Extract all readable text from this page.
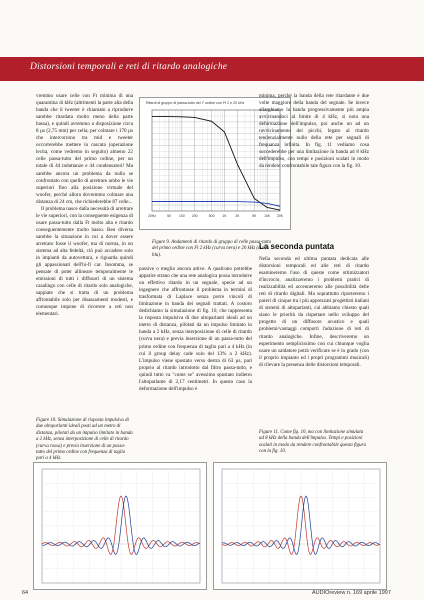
Distorsioni temporali e reti di ritardo analogiche

vremmo usare celle con Ft minima di una quarantina di kHz (altrimenti la parte alta della banda che il tweeter è chiamato a riprodurre sarebbe ritardata molto meno della parte bassa), e quindi avremmo a disposizione circa 8 µs (2,75 mm) per cella; per colmare i 170 µs che intercorrono tra mid e tweeter occorrerebbe mettere in cascata (operazione lecita, come vedremo in seguito) almeno 22 celle passa-tutto del primo ordine, per un totale di 44 induttanze e 44 condensatori! Ma sarebbe ancora un problema da nulla se confrontato con quello di arretrare ambo le vie superiori fino alla posizione virtuale del woofer, perché allora dovremmo colmare una distanza di 24 cm, che richiederebbe 87 celle...

Il problema nasce dalla necessità di arretrare le vie superiori, con la conseguente esigenza di usare passa-tutto dalla Ft molto alta e ritardo conseguentemente molto basso. Ben diversa sarebbe la situazione in cui a dover essere arretrato fosse il woofer, ma di norma, in un sistema ad alta fedeltà, ciò può accadere solo in impianti da autovettura, e riguarda quindi gli appassionati dell'hi-fi car. Insomma, se pensate di poter allineare temporalmente le emissioni di tutti i diffusori di un sistema casalingo con celle di ritardo solo analogiche, sappiate che si tratta di un problema affrontabile solo per disassamenti modesti, e comunque impone di ricorrere a reti non elementari.

Figure 10. Simulazione di risposta impulsiva di due altoparlanti ideali posti ad un metro di distanza, pilotati da un impulso limitato in banda a 2 kHz, senza interposizione di celle di ritardo (curva rossa) e previa inserzione di un passa-tutto del primo ordine con frequenza di taglio pari a 4 kHz.
Ritardi di gruppo di passa-tutto del I° ordine con Ft 2 e 20 kHz
20Hz	50 100 200	500 1K	2K	5K 10K 20K
Figure 9. Andamenti di ritardo di gruppo di celle passa-tutto del primo ordine con Ft 2 kHz (curva nera) e 20 kHz (curva blu).

passive o meglio ancora attive. A qualcuno potrebbe apparire strano che una rete analogica possa introdurre un effettivo ritardo in un segnale, specie ad un ingegnere che affrontasse il problema in termini di trasformata di Laplace senza porre vincoli di limitazione in banda dei segnali trattati. A costoro dedichiamo la simulazione di fig. 10, che rappresenta la risposta impulsiva di due altoparlanti ideali ad un metro di distanza, pilotati da un impulso limitato in banda a 2 kHz, senza interposizione di celle di ritardo (curva nera) e previa inserzione di un passa-tutto del primo ordine con frequenza di taglio pari a 4 kHz (in cui il group delay cade solo del 13% a 2 kHz). L'impulso viene spostato verso destra di 63 µs, pari proprio al ritardo introdotto dal filtro passa-tutto, e quindi tutto va "come se" avessimo spostato indietro l'altoparlante di 2,17 centimetri. In questo caso la deformazione dell'impulso è

minima, perché la banda della rete ritardante è due volte maggiore della banda del segnale. Se invece allarghiamo la banda progressivamente più ampia avvicinandoci al limite di 4 kHz, si nota una deformazione dell'impulso, poi anche un ad un ravvicinamento dei picchi, legato al ritardo tendenzialmente nullo della rete per segnali di frequanza infinita. In fig. 11 vediamo cosa succederebbe per una limitazione in banda ad 8 kHz dell'impulso, con tempi e posizioni scalati in modo da rendere confrontabile tale figura con la fig. 10.

La seconda puntata

Nella seconda ed ultima puntata dedicata alle distorsioni temporali ed alle reti di ritardo esamineremo l'uso di queste come ottimizzatori d'incrocio, analizzeremo i problemi pratici di realizzabilità ed accenneremo alle possibilità delle reti di ritardo digitali. Ma soprattutto riporteremo i pareri di cinque tra i più apprezzati progettisti italiani di sistemi di altoparlanti, cui abbiamo chiesto quali siano le priorità da rispettare nello sviluppo del progetto di un diffusore acustico e quali problemi/vantaggi comporti l'adozione di reti di ritardo analogiche. Infine, descriveremo un esperimento semplicissimo con cui chiunque voglia usare un saldatore potrà verificare se è in grado (con il proprio impianto ed i propri programmi musicali) di rilevare la presenza delle distorsioni temporali.

Figure 11. Come fig. 10, ma con limitazione simulata ad 8 kHz della banda dell'impulso. Tempi e posizioni scalati in modo da rendere confrontabile questa figura con la fig. 10.
64	AUDIOreview n. 169 aprile 1997
